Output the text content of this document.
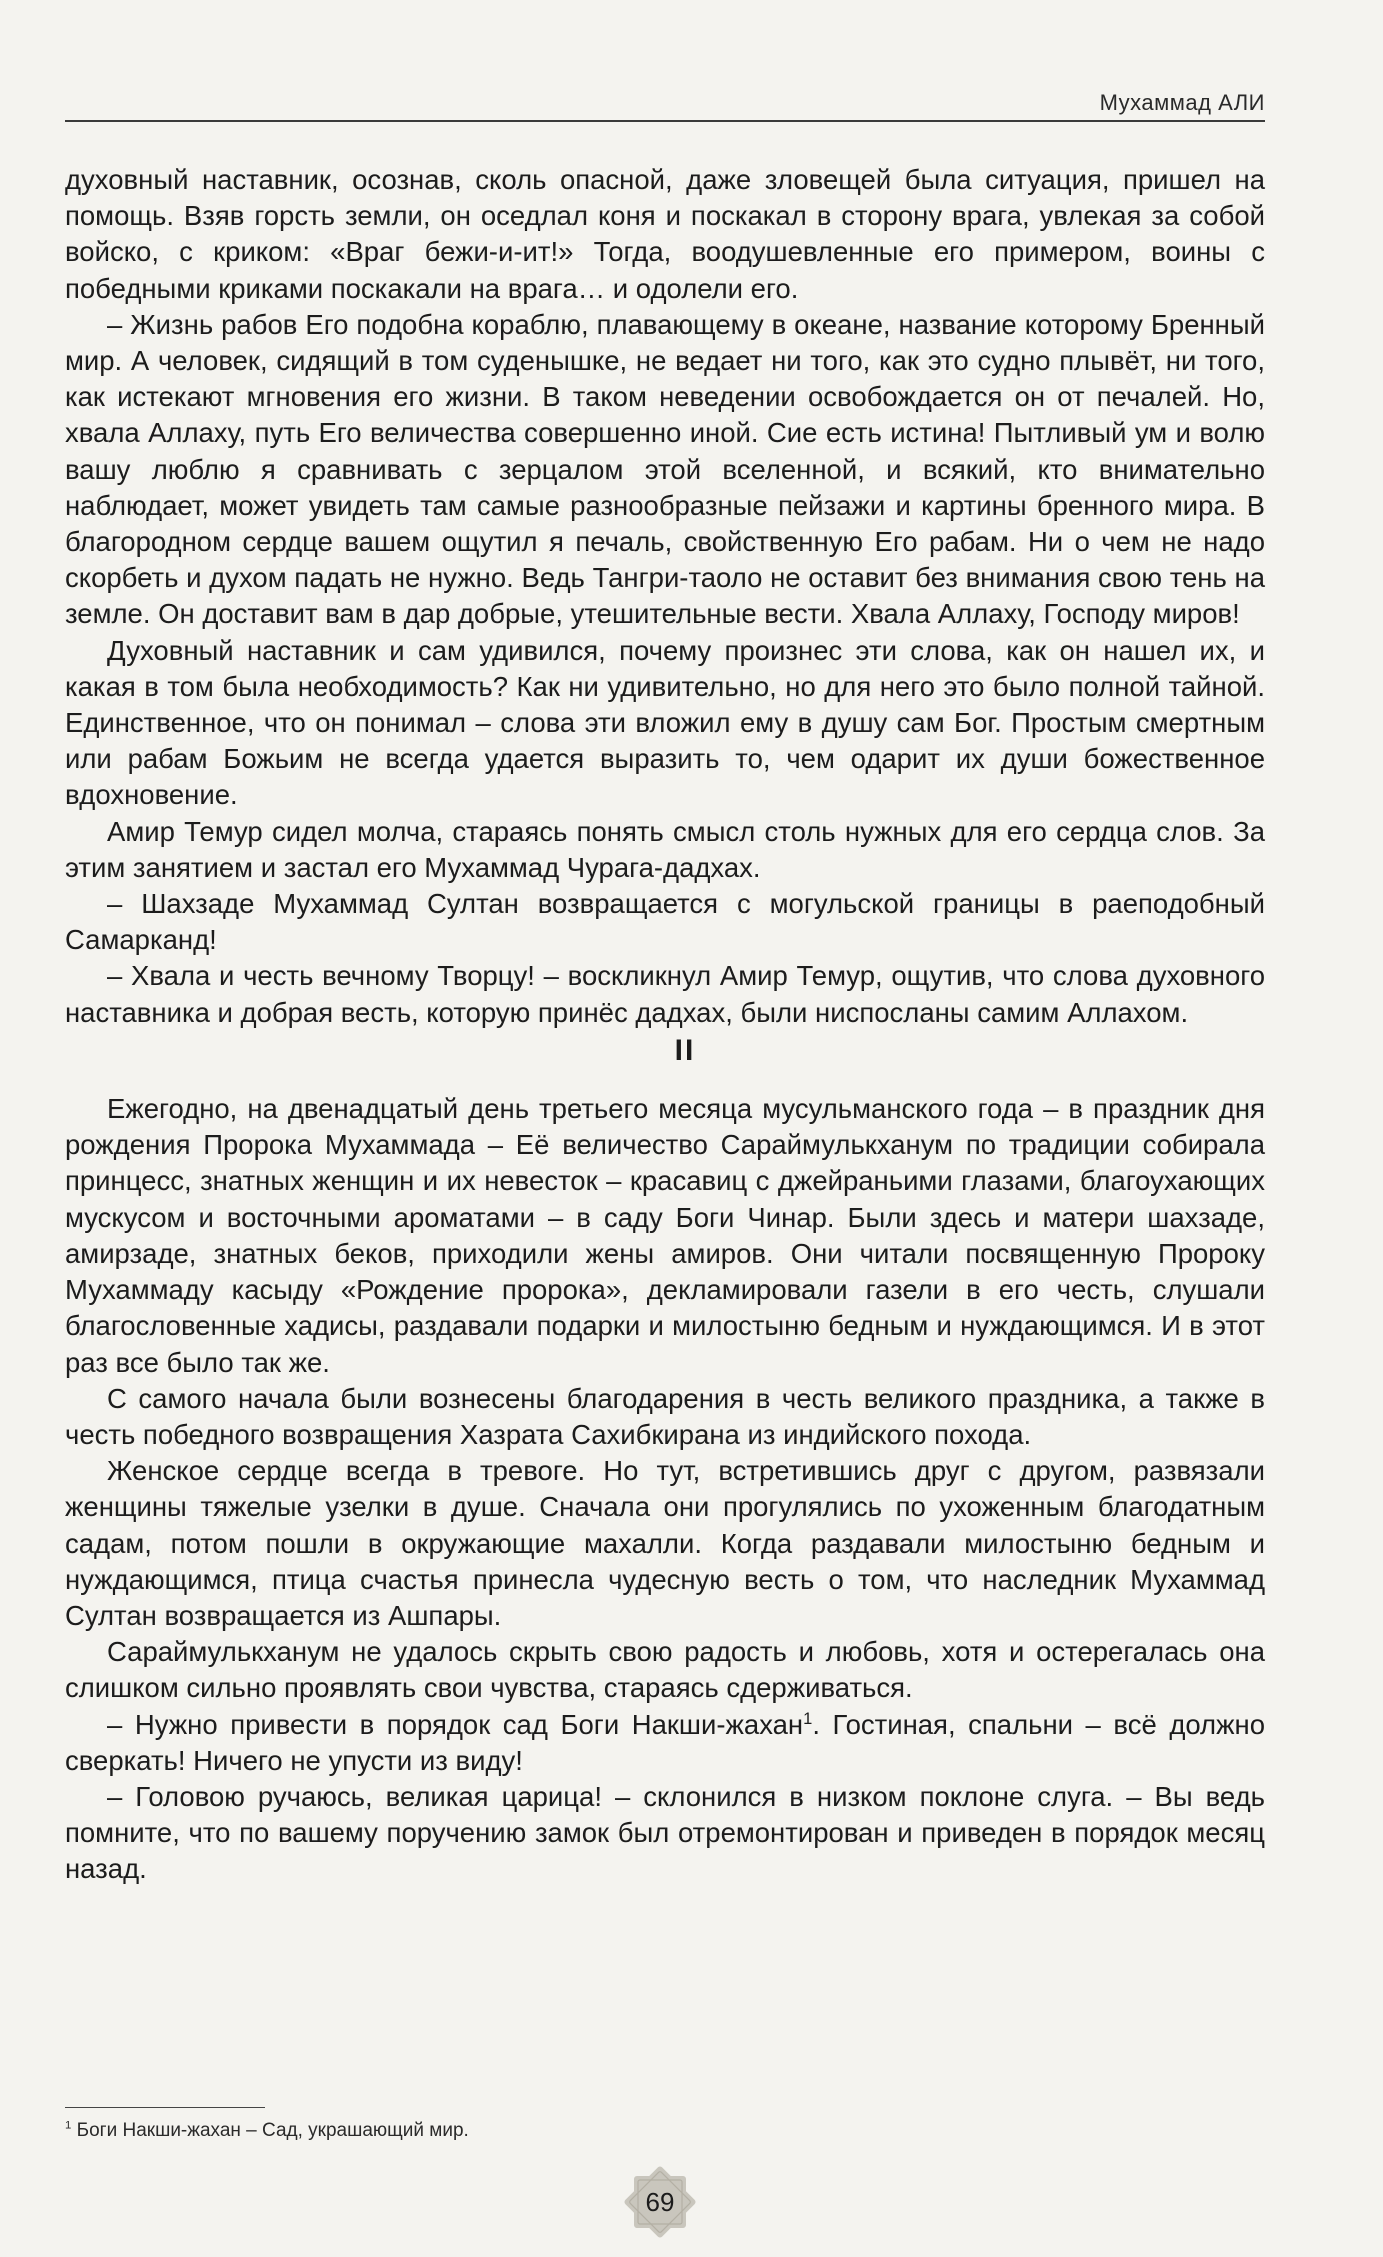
Мухаммад АЛИ

духовный наставник, осознав, сколь опасной, даже зловещей была ситуация, пришел на помощь. Взяв горсть земли, он оседлал коня и поскакал в сторону врага, увлекая за собой войско, с криком: «Враг бежи-и-ит!» Тогда, воодушевленные его примером, воины с победными криками поскакали на врага… и одолели его.

– Жизнь рабов Его подобна кораблю, плавающему в океане, название которому Бренный мир. А человек, сидящий в том суденышке, не ведает ни того, как это судно плывёт, ни того, как истекают мгновения его жизни. В таком неведении освобождается он от печалей. Но, хвала Аллаху, путь Его величества совершенно иной. Сие есть истина! Пытливый ум и волю вашу люблю я сравнивать с зерцалом этой вселенной, и всякий, кто внимательно наблюдает, может увидеть там самые разнообразные пейзажи и картины бренного мира. В благородном сердце вашем ощутил я печаль, свойственную Его рабам. Ни о чем не надо скорбеть и духом падать не нужно. Ведь Тангри-таоло не оставит без внимания свою тень на земле. Он доставит вам в дар добрые, утешительные вести. Хвала Аллаху, Господу миров!

Духовный наставник и сам удивился, почему произнес эти слова, как он нашел их, и какая в том была необходимость? Как ни удивительно, но для него это было полной тайной. Единственное, что он понимал – слова эти вложил ему в душу сам Бог. Простым смертным или рабам Божьим не всегда удается выразить то, чем одарит их души божественное вдохновение.

Амир Темур сидел молча, стараясь понять смысл столь нужных для его сердца слов. За этим занятием и застал его Мухаммад Чурага-дадхах.

– Шахзаде Мухаммад Султан возвращается с могульской границы в раеподобный Самарканд!

– Хвала и честь вечному Творцу! – воскликнул Амир Темур, ощутив, что слова духовного наставника и добрая весть, которую принёс дадхах, были ниспосланы самим Аллахом.

II

Ежегодно, на двенадцатый день третьего месяца мусульманского года – в праздник дня рождения Пророка Мухаммада – Её величество Сараймулькханум по традиции собирала принцесс, знатных женщин и их невесток – красавиц с джейраньими глазами, благоухающих мускусом и восточными ароматами – в саду Боги Чинар. Были здесь и матери шахзаде, амирзаде, знатных беков, приходили жены амиров. Они читали посвященную Пророку Мухаммаду касыду «Рождение пророка», декламировали газели в его честь, слушали благословенные хадисы, раздавали подарки и милостыню бедным и нуждающимся. И в этот раз все было так же.

С самого начала были вознесены благодарения в честь великого праздника, а также в честь победного возвращения Хазрата Сахибкирана из индийского похода.

Женское сердце всегда в тревоге. Но тут, встретившись друг с другом, развязали женщины тяжелые узелки в душе. Сначала они прогулялись по ухоженным благодатным садам, потом пошли в окружающие махалли. Когда раздавали милостыню бедным и нуждающимся, птица счастья принесла чудесную весть о том, что наследник Мухаммад Султан возвращается из Ашпары.

Сараймулькханум не удалось скрыть свою радость и любовь, хотя и остерегалась она слишком сильно проявлять свои чувства, стараясь сдерживаться.

– Нужно привести в порядок сад Боги Накши-жахан$^1$. Гостиная, спальни – всё должно сверкать! Ничего не упусти из виду!

– Головою ручаюсь, великая царица! – склонился в низком поклоне слуга. – Вы ведь помните, что по вашему поручению замок был отремонтирован и приведен в порядок месяц назад.

$^1$ Боги Накши-жахан – Сад, украшающий мир.
69
